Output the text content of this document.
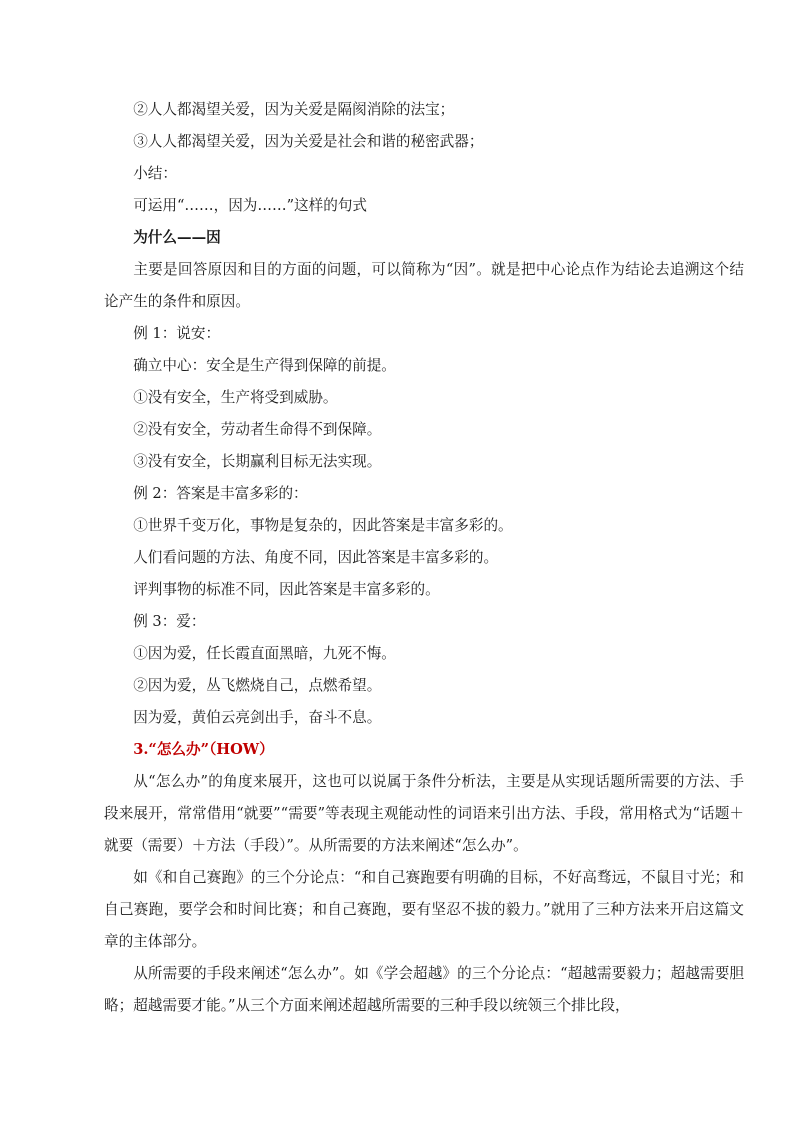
②人人都渴望关爱，因为关爱是隔阂消除的法宝；
③人人都渴望关爱，因为关爱是社会和谐的秘密武器；
小结：
可运用“……，因为……”这样的句式
为什么——因
主要是回答原因和目的方面的问题，可以简称为“因”。就是把中心论点作为结论去追溯这个结论产生的条件和原因。
例 1：说安：
确立中心：安全是生产得到保障的前提。
①没有安全，生产将受到威胁。
②没有安全，劳动者生命得不到保障。
③没有安全，长期赢利目标无法实现。
例 2：答案是丰富多彩的：
①世界千变万化，事物是复杂的，因此答案是丰富多彩的。
人们看问题的方法、角度不同，因此答案是丰富多彩的。
评判事物的标准不同，因此答案是丰富多彩的。
例 3：爱：
①因为爱，任长霞直面黑暗，九死不悔。
②因为爱，丛飞燃烧自己，点燃希望。
因为爱，黄伯云亮剑出手，奋斗不息。
3.“怎么办”（HOW）
从“怎么办”的角度来展开，这也可以说属于条件分析法，主要是从实现话题所需要的方法、手段来展开，常常借用“就要”“需要”等表现主观能动性的词语来引出方法、手段，常用格式为“话题＋就要（需要）＋方法（手段）”。从所需要的方法来阐述“怎么办”。
如《和自己赛跑》的三个分论点：“和自己赛跑要有明确的目标，不好高骛远，不鼠目寸光；和自己赛跑，要学会和时间比赛；和自己赛跑，要有坚忍不拔的毅力。”就用了三种方法来开启这篇文章的主体部分。
从所需要的手段来阐述“怎么办”。如《学会超越》的三个分论点：“超越需要毅力；超越需要胆略；超越需要才能。”从三个方面来阐述超越所需要的三种手段以统领三个排比段，
